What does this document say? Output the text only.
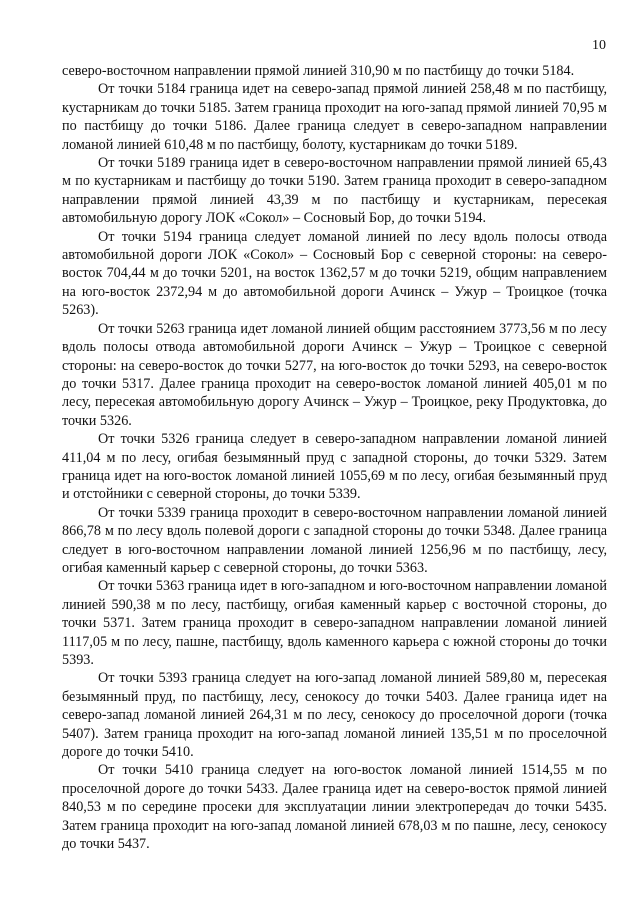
10

северо-восточном направлении прямой линией 310,90 м по пастбищу до точки 5184.

От точки 5184 граница идет на северо-запад прямой линией 258,48 м по пастбищу, кустарникам до точки 5185. Затем граница проходит на юго-запад прямой линией 70,95 м по пастбищу до точки 5186. Далее граница следует в северо-западном направлении ломаной линией 610,48 м по пастбищу, болоту, кустарникам до точки 5189.

От точки 5189 граница идет в северо-восточном направлении прямой линией 65,43 м по кустарникам и пастбищу до точки 5190. Затем граница проходит в северо-западном направлении прямой линией 43,39 м по пастбищу и кустарникам, пересекая автомобильную дорогу ЛОК «Сокол» – Сосновый Бор, до точки 5194.

От точки 5194 граница следует ломаной линией по лесу вдоль полосы отвода автомобильной дороги ЛОК «Сокол» – Сосновый Бор с северной стороны: на северо-восток 704,44 м до точки 5201, на восток 1362,57 м до точки 5219, общим направлением на юго-восток 2372,94 м до автомобильной дороги Ачинск – Ужур – Троицкое (точка 5263).

От точки 5263 граница идет ломаной линией общим расстоянием 3773,56 м по лесу вдоль полосы отвода автомобильной дороги Ачинск – Ужур – Троицкое с северной стороны: на северо-восток до точки 5277, на юго-восток до точки 5293, на северо-восток до точки 5317. Далее граница проходит на северо-восток ломаной линией 405,01 м по лесу, пересекая автомобильную дорогу Ачинск – Ужур – Троицкое, реку Продуктовка, до точки 5326.

От точки 5326 граница следует в северо-западном направлении ломаной линией 411,04 м по лесу, огибая безымянный пруд с западной стороны, до точки 5329. Затем граница идет на юго-восток ломаной линией 1055,69 м по лесу, огибая безымянный пруд и отстойники с северной стороны, до точки 5339.

От точки 5339 граница проходит в северо-восточном направлении ломаной линией 866,78 м по лесу вдоль полевой дороги с западной стороны до точки 5348. Далее граница следует в юго-восточном направлении ломаной линией 1256,96 м по пастбищу, лесу, огибая каменный карьер с северной стороны, до точки 5363.

От точки 5363 граница идет в юго-западном и юго-восточном направлении ломаной линией 590,38 м по лесу, пастбищу, огибая каменный карьер с восточной стороны, до точки 5371. Затем граница проходит в северо-западном направлении ломаной линией 1117,05 м по лесу, пашне, пастбищу, вдоль каменного карьера с южной стороны до точки 5393.

От точки 5393 граница следует на юго-запад ломаной линией 589,80 м, пересекая безымянный пруд, по пастбищу, лесу, сенокосу до точки 5403. Далее граница идет на северо-запад ломаной линией 264,31 м по лесу, сенокосу до проселочной дороги (точка 5407). Затем граница проходит на юго-запад ломаной линией 135,51 м по проселочной дороге до точки 5410.

От точки 5410 граница следует на юго-восток ломаной линией 1514,55 м по проселочной дороге до точки 5433. Далее граница идет на северо-восток прямой линией 840,53 м по середине просеки для эксплуатации линии электропередач до точки 5435. Затем граница проходит на юго-запад ломаной линией 678,03 м по пашне, лесу, сенокосу до точки 5437.
